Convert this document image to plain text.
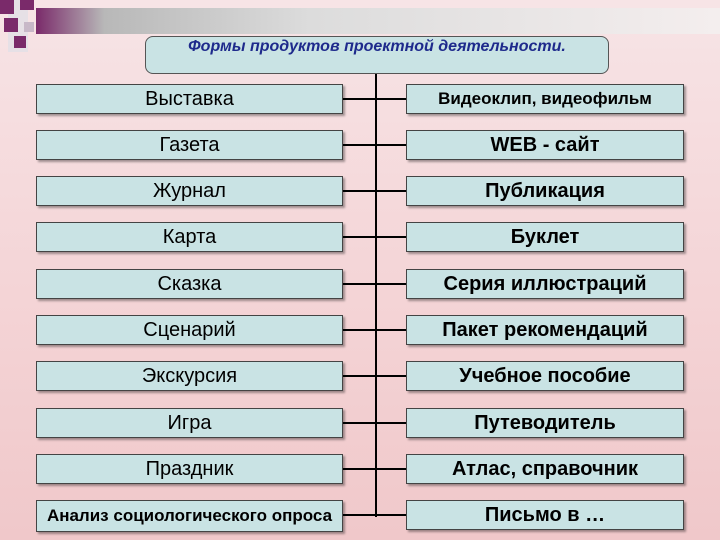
Формы продуктов проектной деятельности.
Выставка	Видеоклип, видеофильм
Газета	WEB - сайт
Журнал	Публикация
Карта	Буклет
Сказка	Серия иллюстраций
Сценарий	Пакет рекомендаций
Экскурсия	Учебное пособие
Игра	Путеводитель
Праздник	Атлас, справочник
Анализ социологического опроса	Письмо в …
